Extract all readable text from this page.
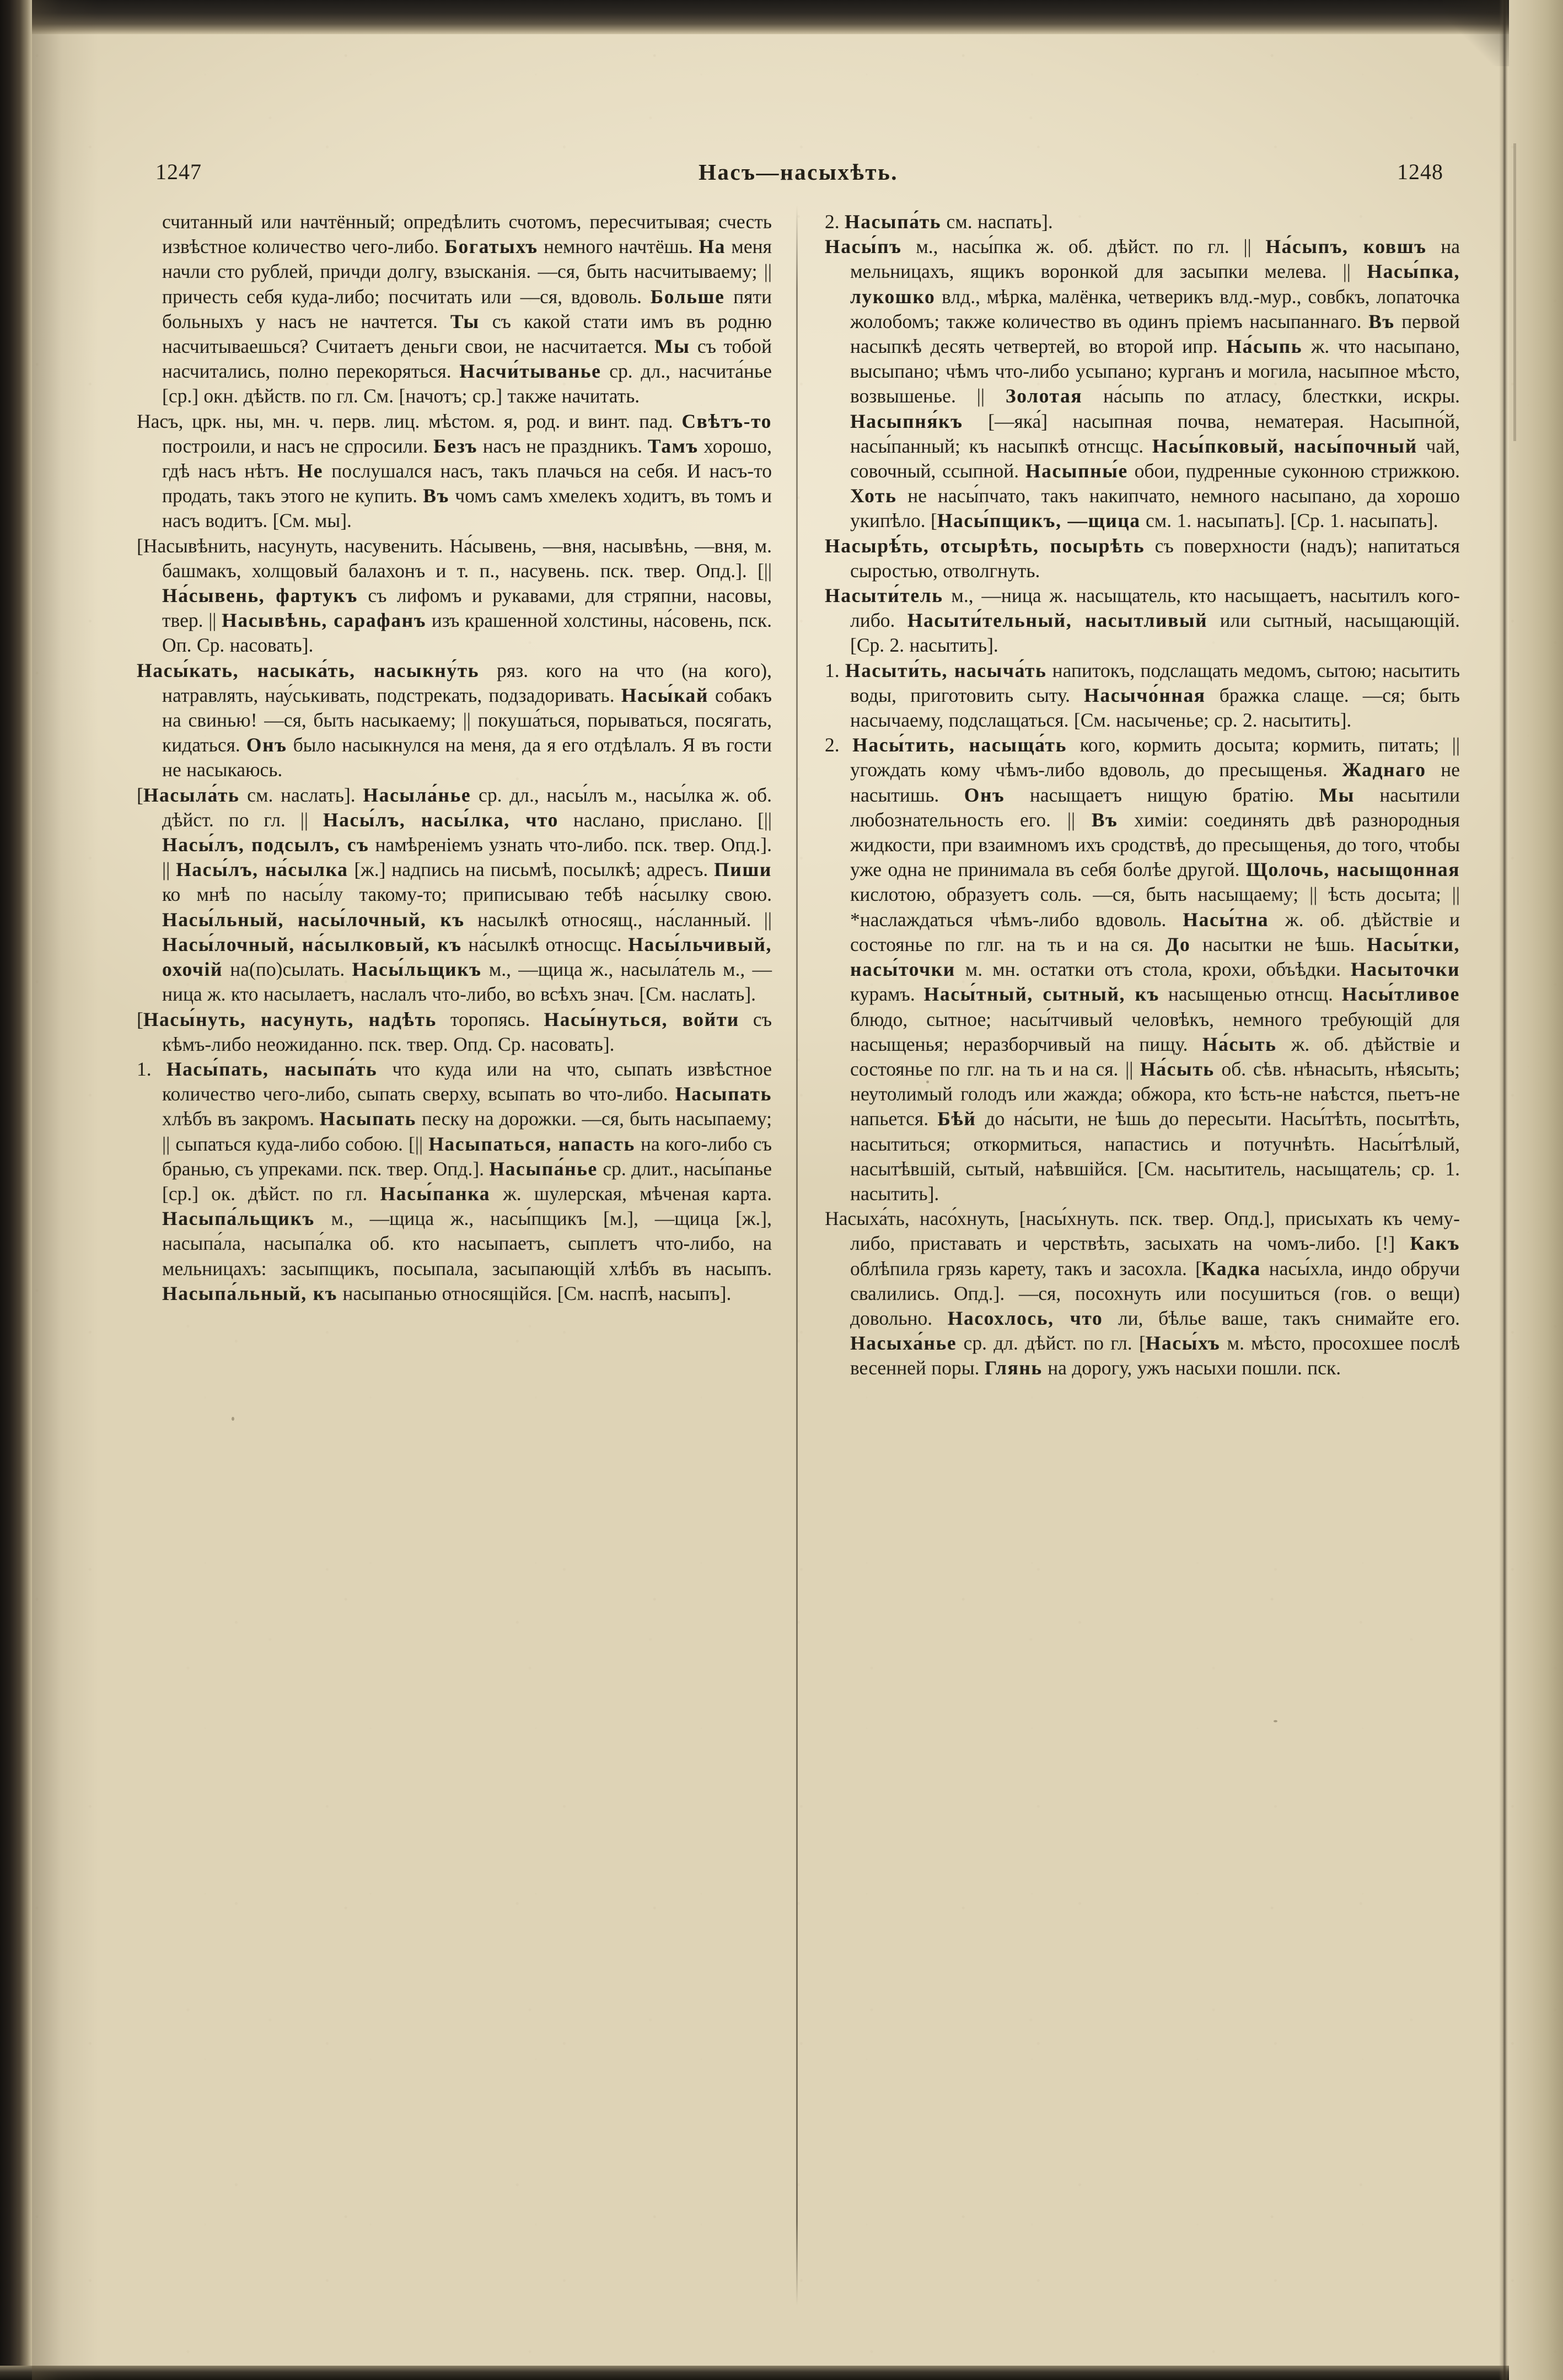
1247	Насъ—насыхѣть.	1248

считанный или начтённый; опредѣлить счотомъ, пересчитывая; счесть извѣстное количество чего-либо. Богатыхъ немного начтёшь. На меня начли сто рублей, причди долгу, взысканія. —ся, быть насчитываему; || причесть себя куда-либо; посчитать или —ся, вдоволь. Больше пяти больныхъ у насъ не начтется. Ты съ какой стати имъ въ родню насчитываешься? Считаетъ деньги свои, не насчитается. Мы съ тобой насчитались, полно перекоряться. Насчи́тыванье ср. дл., насчита́нье [ср.] окн. дѣйств. по гл. См. [начотъ; ср.] также начитать.

Насъ, црк. ны, мн. ч. перв. лиц. мѣстом. я, род. и винт. пад. Свѣтъ-то построили, и насъ не спросили. Безъ насъ не праздникъ. Тамъ хорошо, гдѣ насъ нѣтъ. Не послушался насъ, такъ плачься на себя. И насъ-то продать, такъ этого не купить. Въ чомъ самъ хмелекъ ходитъ, въ томъ и насъ водитъ. [См. мы].

[Насывѣнить, насунуть, насувенить. На́сывень, —вня, насывѣнь, —вня, м. башмакъ, холщовый балахонъ и т. п., насувень. пск. твер. Опд.]. [|| На́сывень, фартукъ съ лифомъ и рукавами, для стряпни, насовы, твер. || Насывѣнь, сарафанъ изъ крашенной холстины, на́совень, пск. Оп. Ср. насовать].

Насы́кать, насыка́ть, насыкну́ть ряз. кого на что (на кого), натравлять, нау́ськивать, подстрекать, подзадоривать. Насы́кай собакъ на свинью! —ся, быть насыкаему; || покуша́ться, порываться, посягать, кидаться. Онъ было насыкнулся на меня, да я его отдѣлалъ. Я въ гости не насыкаюсь.

[Насыла́ть см. наслать]. Насыла́нье ср. дл., насы́лъ м., насы́лка ж. об. дѣйст. по гл. || Насы́лъ, насы́лка, что наслано, прислано. [|| Насы́лъ, подсылъ, съ намѣреніемъ узнать что-либо. пск. твер. Опд.]. || Насы́лъ, на́сылка [ж.] надпись на письмѣ, посылкѣ; адресъ. Пиши ко мнѣ по насы́лу такому-то; приписываю тебѣ на́сылку свою. Насы́льный, насы́лочный, къ насылкѣ относящ., на́сланный. || Насы́лочный, на́сылковый, къ на́сылкѣ относщс. Насы́льчивый, охочій на(по)сылать. Насы́льщикъ м., —щица ж., насыла́тель м., —ница ж. кто насылаетъ, наслалъ что-либо, во всѣхъ знач. [См. наслать].

[Насы́нуть, насунуть, надѣть торопясь. Насы́нуться, войти съ кѣмъ-либо неожиданно. пск. твер. Опд. Ср. насовать].

1. Насы́пать, насыпа́ть что куда или на что, сыпать извѣстное количество чего-либо, сыпать сверху, всыпать во что-либо. Насыпать хлѣбъ въ закромъ. Насыпать песку на дорожки. —ся, быть насыпаему; || сыпаться куда-либо собою. [|| Насыпаться, напасть на кого-либо съ бранью, съ упреками. пск. твер. Опд.]. Насыпа́нье ср. длит., насы́панье [ср.] ок. дѣйст. по гл. Насы́панка ж. шулерская, мѣченая карта. Насыпа́льщикъ м., —щица ж., насы́пщикъ [м.], —щица [ж.], насыпа́ла, насыпа́лка об. кто насыпаетъ, сыплетъ что-либо, на мельницахъ: засыпщикъ, посыпала, засыпающій хлѣбъ въ насыпъ. Насыпа́льный, къ насыпанью относящійся. [См. наспѣ, насыпъ].

2. Насыпа́ть см. наспать].

Насы́пъ м., насы́пка ж. об. дѣйст. по гл. || На́сыпъ, ковшъ на мельницахъ, ящикъ воронкой для засыпки мелева. || Насы́пка, лукошко влд., мѣрка, малёнка, четверикъ влд.-мур., совбкъ, лопаточка жолобомъ; также количество въ одинъ пріемъ насыпаннаго. Въ первой насыпкѣ десять четвертей, во второй ипр. На́сыпь ж. что насыпано, высыпано; чѣмъ что-либо усыпано; курганъ и могила, насыпное мѣсто, возвышенье. || Золотая на́сыпь по атласу, блесткки, искры. Насыпня́къ [—яка́] насыпная почва, нематерая. Насыпно́й, насы́панный; къ насыпкѣ отнсщс. Насы́пковый, насы́почный чай, совочный, ссыпной. Насыпны́е обои, пудренные суконною стрижкою. Хоть не насы́пчато, такъ накипчато, немного насыпано, да хорошо укипѣло. [Насы́пщикъ, —щица см. 1. насыпать]. [Ср. 1. насыпать].

Насырѣ́ть, отсырѣть, посырѣть съ поверхности (надъ); напитаться сыростью, отволгнуть.

Насыти́тель м., —ница ж. насыщатель, кто насыщаетъ, насытилъ кого-либо. Насыти́тельный, насытливый или сытный, насыщающій. [Ср. 2. насытить].

1. Насыти́ть, насыча́ть напитокъ, подслащать медомъ, сытою; насытить воды, приготовить сыту. Насычо́нная бражка слаще. —ся; быть насычаему, подслащаться. [См. насыченье; ср. 2. насытить].

2. Насы́тить, насыща́ть кого, кормить досыта; кормить, питать; || угождать кому чѣмъ-либо вдоволь, до пресыщенья. Жаднаго не насытишь. Онъ насыщаетъ нищую братію. Мы насытили любознательность его. || Въ химіи: соединять двѣ разнородныя жидкости, при взаимномъ ихъ сродствѣ, до пресыщенья, до того, чтобы уже одна не принимала въ себя болѣе другой. Щолочь, насыщонная кислотою, образуетъ соль. —ся, быть насыщаему; || ѣсть досыта; || *наслаждаться чѣмъ-либо вдоволь. Насы́тна ж. об. дѣйствіе и состоянье по глг. на ть и на ся. До насытки не ѣшь. Насы́тки, насы́точки м. мн. остатки отъ стола, крохи, объѣдки. Насыточки курамъ. Насы́тный, сытный, къ насыщенью отнсщ. Насы́тливое блюдо, сытное; насы́тчивый человѣкъ, немного требующій для насыщенья; неразборчивый на пищу. На́сыть ж. об. дѣйствіе и состоянье по глг. на ть и на ся. || На́сыть об. сѣв. нѣнасыть, нѣясыть; неутолимый голодъ или жажда; обжора, кто ѣсть-не наѣстся, пьетъ-не напьется. Бѣй до на́сыти, не ѣшь до пересыти. Насы́тѣть, посытѣть, насытиться; откормиться, напастись и потучнѣть. Насы́тѣлый, насытѣвшій, сытый, наѣвшійся. [См. насытитель, насыщатель; ср. 1. насытить].

Насыха́ть, насо́хнуть, [насы́хнуть. пск. твер. Опд.], присыхать къ чему-либо, приставать и черствѣть, засыхать на чомъ-либо. [!] Какъ облѣпила грязь карету, такъ и засохла. [Кадка насы́хла, индо обручи свалились. Опд.]. —ся, посохнуть или посушиться (гов. о вещи) довольно. Насохлось, что ли, бѣлье ваше, такъ снимайте его. Насыха́нье ср. дл. дѣйст. по гл. [Насы́хъ м. мѣсто, просохшее послѣ весенней поры. Глянь на дорогу, ужъ насыхи пошли. пск.
